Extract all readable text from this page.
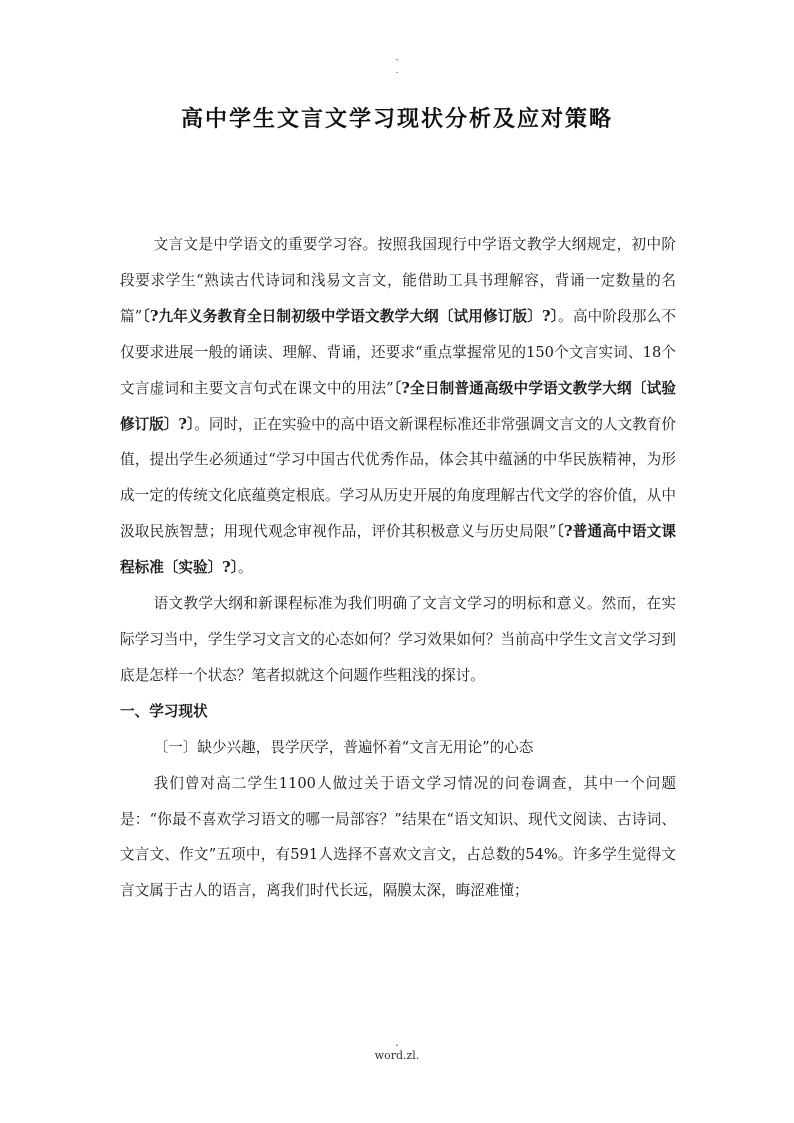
-
.
高中学生文言文学习现状分析及应对策略

文言文是中学语文的重要学习容。按照我国现行中学语文教学大纲规定，初中阶段要求学生“熟读古代诗词和浅易文言文，能借助工具书理解容，背诵一定数量的名篇”〔?九年义务教育全日制初级中学语文教学大纲〔试用修订版〕?〕。高中阶段那么不仅要求进展一般的诵读、理解、背诵，还要求“重点掌握常见的150个文言实词、18个文言虚词和主要文言句式在课文中的用法”〔?全日制普通高级中学语文教学大纲〔试验修订版〕?〕。同时，正在实验中的高中语文新课程标准还非常强调文言文的人文教育价值，提出学生必须通过“学习中国古代优秀作品，体会其中蕴涵的中华民族精神，为形成一定的传统文化底蕴奠定根底。学习从历史开展的角度理解古代文学的容价值，从中汲取民族智慧；用现代观念审视作品，评价其积极意义与历史局限”〔?普通高中语文课程标准〔实验〕?〕。

语文教学大纲和新课程标准为我们明确了文言文学习的明标和意义。然而，在实际学习当中，学生学习文言文的心态如何？学习效果如何？当前高中学生文言文学习到底是怎样一个状态？笔者拟就这个问题作些粗浅的探讨。

一、学习现状

〔一〕缺少兴趣，畏学厌学，普遍怀着“文言无用论”的心态

我们曾对高二学生1100人做过关于语文学习情况的问卷调查，其中一个问题是：“你最不喜欢学习语文的哪一局部容？”结果在“语文知识、现代文阅读、古诗词、文言文、作文”五项中，有591人选择不喜欢文言文，占总数的54%。许多学生觉得文言文属于古人的语言，离我们时代长远，隔膜太深，晦涩难懂；

.
word.zl.
